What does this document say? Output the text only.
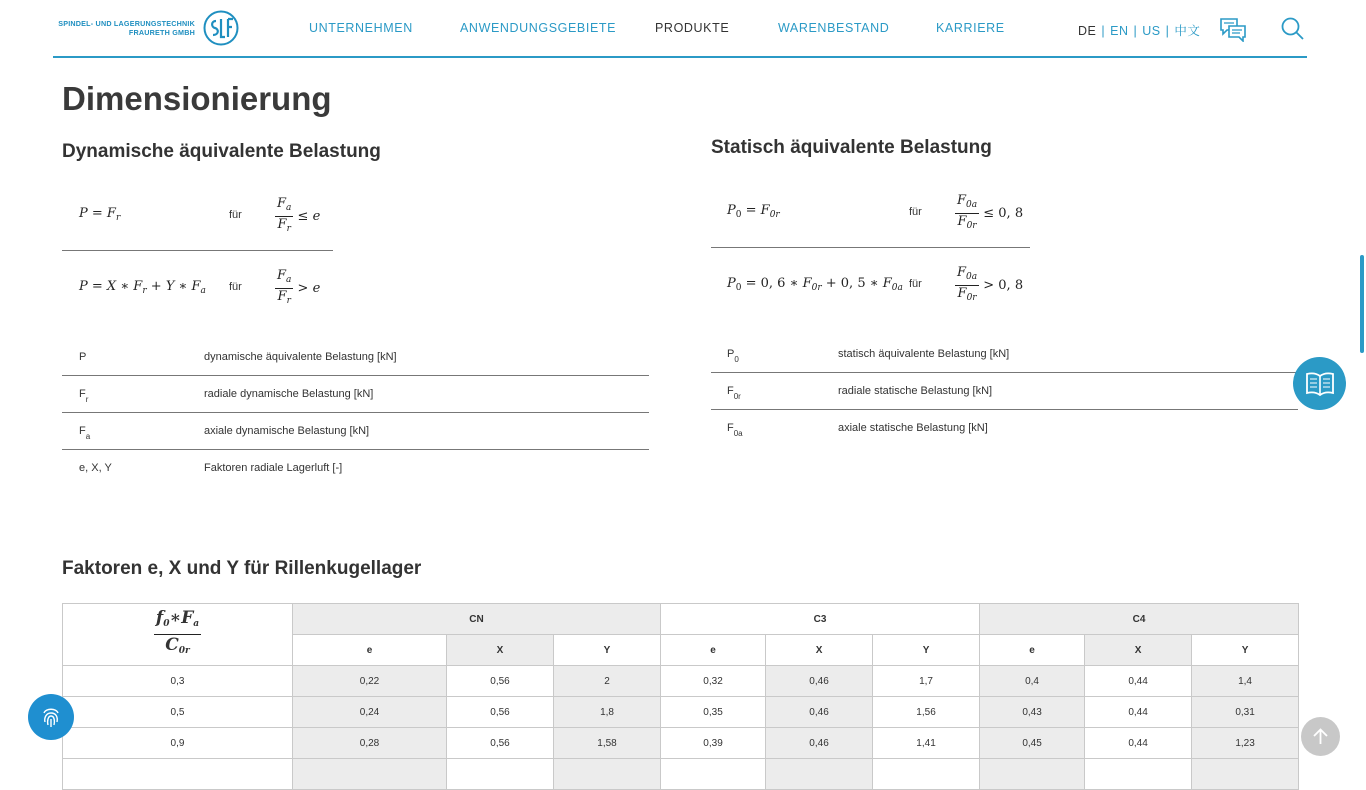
SPINDEL- UND LAGERUNGSTECHNIK
FRAURETH GMBH	UNTERNEHMEN	ANWENDUNGSGEBIETE	PRODUKTE	WARENBESTAND	KARRIERE	DE | EN | US | 中文
Dimensionierung
Dynamische äquivalente Belastung
$P = F_r$	für	$\frac{F_a}{F_r} \le e$
P = X ∗ $F_r + Y$ ∗ $F_a$ für	$\frac{F_a}{F_r} > e$
P	dynamische äquivalente Belastung [kN]
$F_r$	radiale dynamische Belastung [kN]
$F_a$	axiale dynamische Belastung [kN]
e, X, Y	Faktoren radiale Lagerluft [-]
Statisch äquivalente Belastung
$P_0 = F_{0r}$	für	$\frac{F_{0a}}{F_{0r}} \le 0$, 8
$P_0 = 0$, 6 ∗ $F_{0r} + 0$, 5 ∗ $F_{0a}$ für	$\frac{F_{0a}}{F_{0r}} > 0$, 8
$P_0$	statisch äquivalente Belastung [kN]
$F_{0r}$	radiale statische Belastung [kN]
$F_{0a}$	axiale statische Belastung [kN]
Faktoren e, X und Y für Rillenkugellager
$\frac{f_0∗F_a}{C_{0r}}$	CN			C3			C4		
	e	X	Y	e	X	Y	e	X	Y
0,3	0,22	0,56	2	0,32	0,46	1,7	0,4	0,44	1,4
0,5	0,24	0,56	1,8	0,35	0,46	1,56	0,43	0,44	0,31
0,9	0,28	0,56	1,58	0,39	0,46	1,41	0,45	0,44	1,23
